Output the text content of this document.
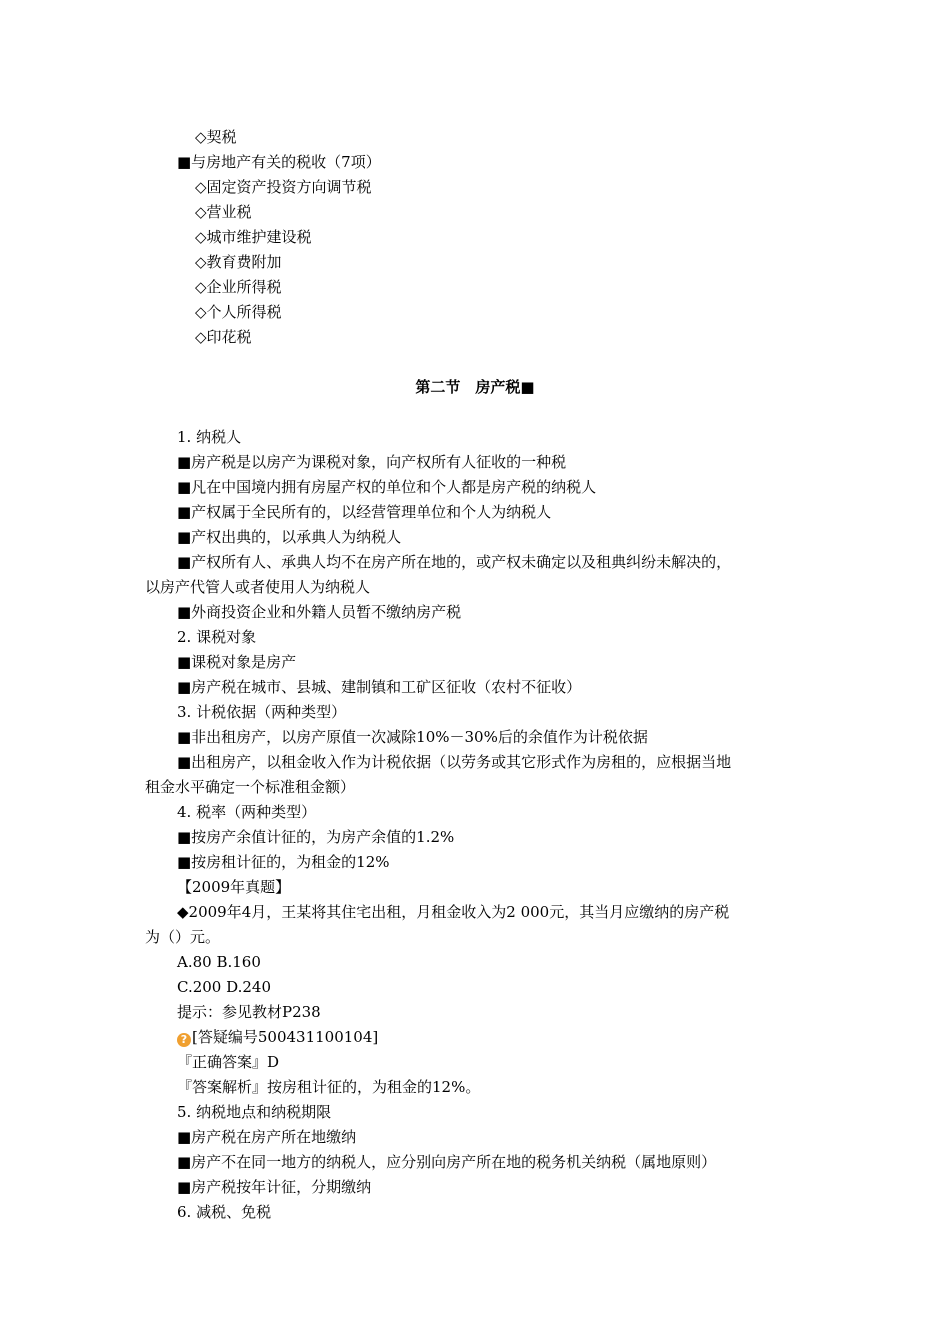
◇契税
■与房地产有关的税收（7项）
◇固定资产投资方向调节税
◇营业税
◇城市维护建设税
◇教育费附加
◇企业所得税
◇个人所得税
◇印花税
第二节　房产税■
1. 纳税人
■房产税是以房产为课税对象，向产权所有人征收的一种税
■凡在中国境内拥有房屋产权的单位和个人都是房产税的纳税人
■产权属于全民所有的，以经营管理单位和个人为纳税人
■产权出典的，以承典人为纳税人
■产权所有人、承典人均不在房产所在地的，或产权未确定以及租典纠纷未解决的，
以房产代管人或者使用人为纳税人
■外商投资企业和外籍人员暂不缴纳房产税
2. 课税对象
■课税对象是房产
■房产税在城市、县城、建制镇和工矿区征收（农村不征收）
3. 计税依据（两种类型）
■非出租房产，以房产原值一次减除10%－30%后的余值作为计税依据
■出租房产，以租金收入作为计税依据（以劳务或其它形式作为房租的，应根据当地
租金水平确定一个标准租金额）
4. 税率（两种类型）
■按房产余值计征的，为房产余值的1.2%
■按房租计征的，为租金的12%
【2009年真题】
◆2009年4月，王某将其住宅出租，月租金收入为2 000元，其当月应缴纳的房产税
为（）元。
A.80 B.160
C.200 D.240
提示：参见教材P238
? [答疑编号500431100104]
『正确答案』D
『答案解析』按房租计征的，为租金的12%。
5. 纳税地点和纳税期限
■房产税在房产所在地缴纳
■房产不在同一地方的纳税人，应分别向房产所在地的税务机关纳税（属地原则）
■房产税按年计征，分期缴纳
6. 减税、免税
